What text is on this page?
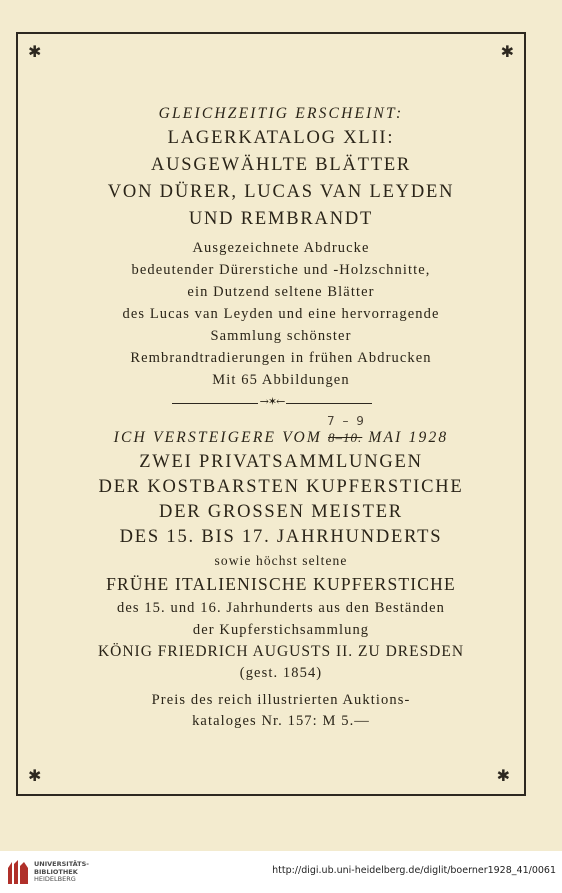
✱	✱
✱	✱
GLEICHZEITIG ERSCHEINT:
LAGERKATALOG XLII:
AUSGEWÄHLTE BLÄTTER
VON DÜRER, LUCAS VAN LEYDEN
UND REMBRANDT
Ausgezeichnete Abdrucke
bedeutender Dürerstiche und -Holzschnitte,
ein Dutzend seltene Blätter
des Lucas van Leyden und eine hervorragende
Sammlung schönster
Rembrandtradierungen in frühen Abdrucken
Mit 65 Abbildungen
→✶←
7 – 9
ICH VERSTEIGERE VOM 8–10. MAI 1928
ZWEI PRIVATSAMMLUNGEN
DER KOSTBARSTEN KUPFERSTICHE
DER GROSSEN MEISTER
DES 15. BIS 17. JAHRHUNDERTS
sowie höchst seltene
FRÜHE ITALIENISCHE KUPFERSTICHE
des 15. und 16. Jahrhunderts aus den Beständen
der Kupferstichsammlung
KÖNIG FRIEDRICH AUGUSTS II. ZU DRESDEN
(gest. 1854)
Preis des reich illustrierten Auktions-
kataloges Nr. 157: M 5.—
UNIVERSITÄTS-
BIBLIOTHEK
HEIDELBERG
http://digi.ub.uni-heidelberg.de/diglit/boerner1928_41/0061
